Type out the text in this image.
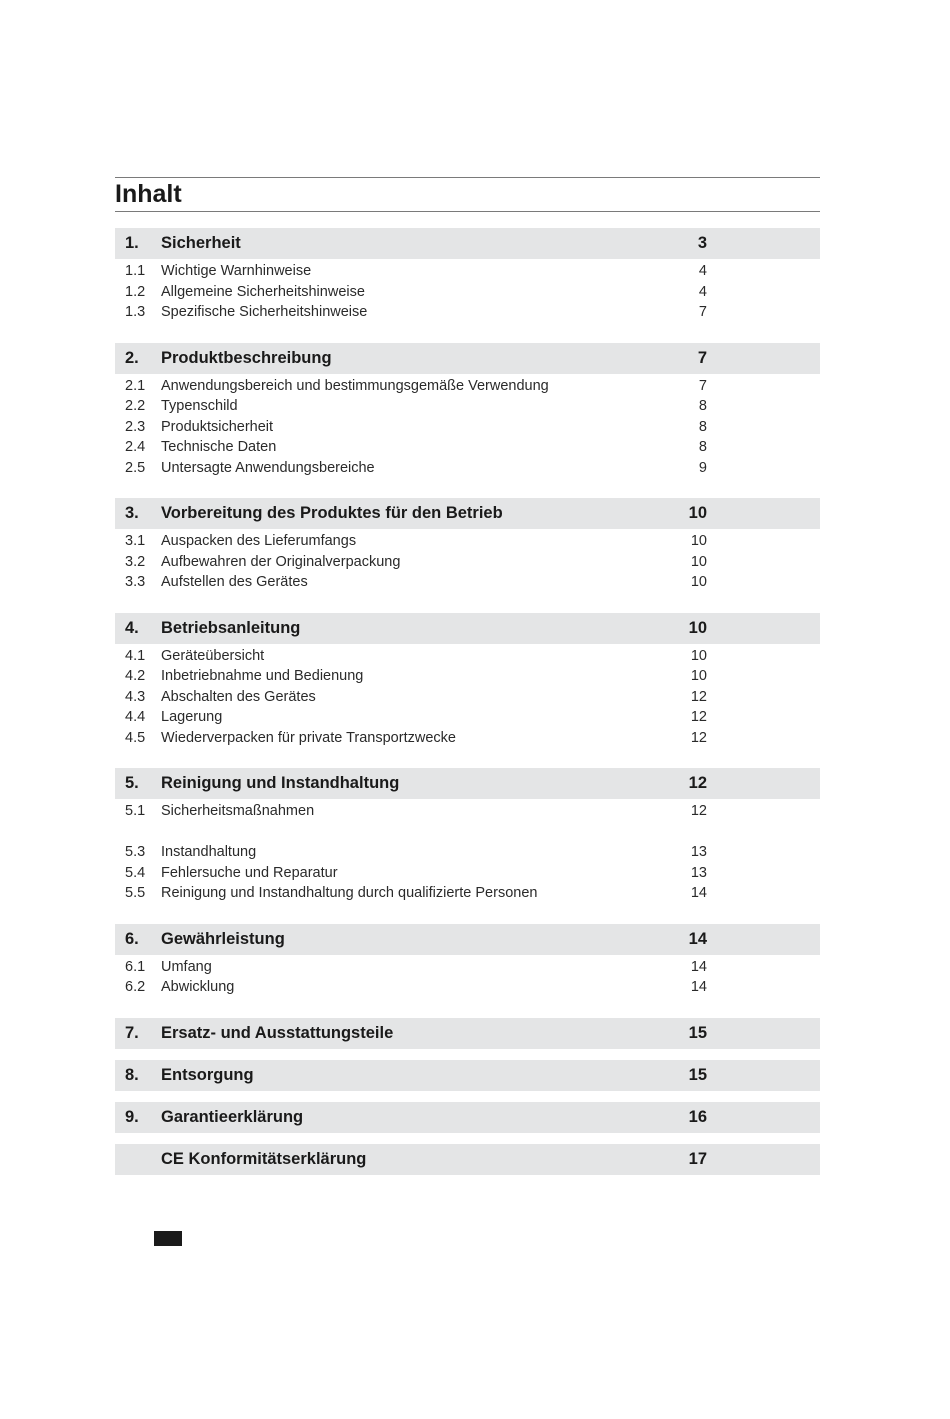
Inhalt
1. Sicherheit	3
1.1 Wichtige Warnhinweise	4
1.2 Allgemeine Sicherheitshinweise	4
1.3 Spezifische Sicherheitshinweise	7
2. Produktbeschreibung	7
2.1 Anwendungsbereich und bestimmungsgemäße Verwendung	7
2.2 Typenschild	8
2.3 Produktsicherheit	8
2.4 Technische Daten	8
2.5 Untersagte Anwendungsbereiche	9
3. Vorbereitung des Produktes für den Betrieb	10
3.1 Auspacken des Lieferumfangs	10
3.2 Aufbewahren der Originalverpackung	10
3.3 Aufstellen des Gerätes	10
4. Betriebsanleitung	10
4.1 Geräteübersicht	10
4.2 Inbetriebnahme und Bedienung	10
4.3 Abschalten des Gerätes	12
4.4 Lagerung	12
4.5 Wiederverpacken für private Transportzwecke	12
5. Reinigung und Instandhaltung	12
5.1 Sicherheitsmaßnahmen	12
5.3 Instandhaltung	13
5.4 Fehlersuche und Reparatur	13
5.5 Reinigung und Instandhaltung durch qualifizierte Personen	14
6. Gewährleistung	14
6.1 Umfang	14
6.2 Abwicklung	14
7. Ersatz- und Ausstattungsteile	15
8. Entsorgung	15
9. Garantieerklärung	16
CE Konformitätserklärung	17
